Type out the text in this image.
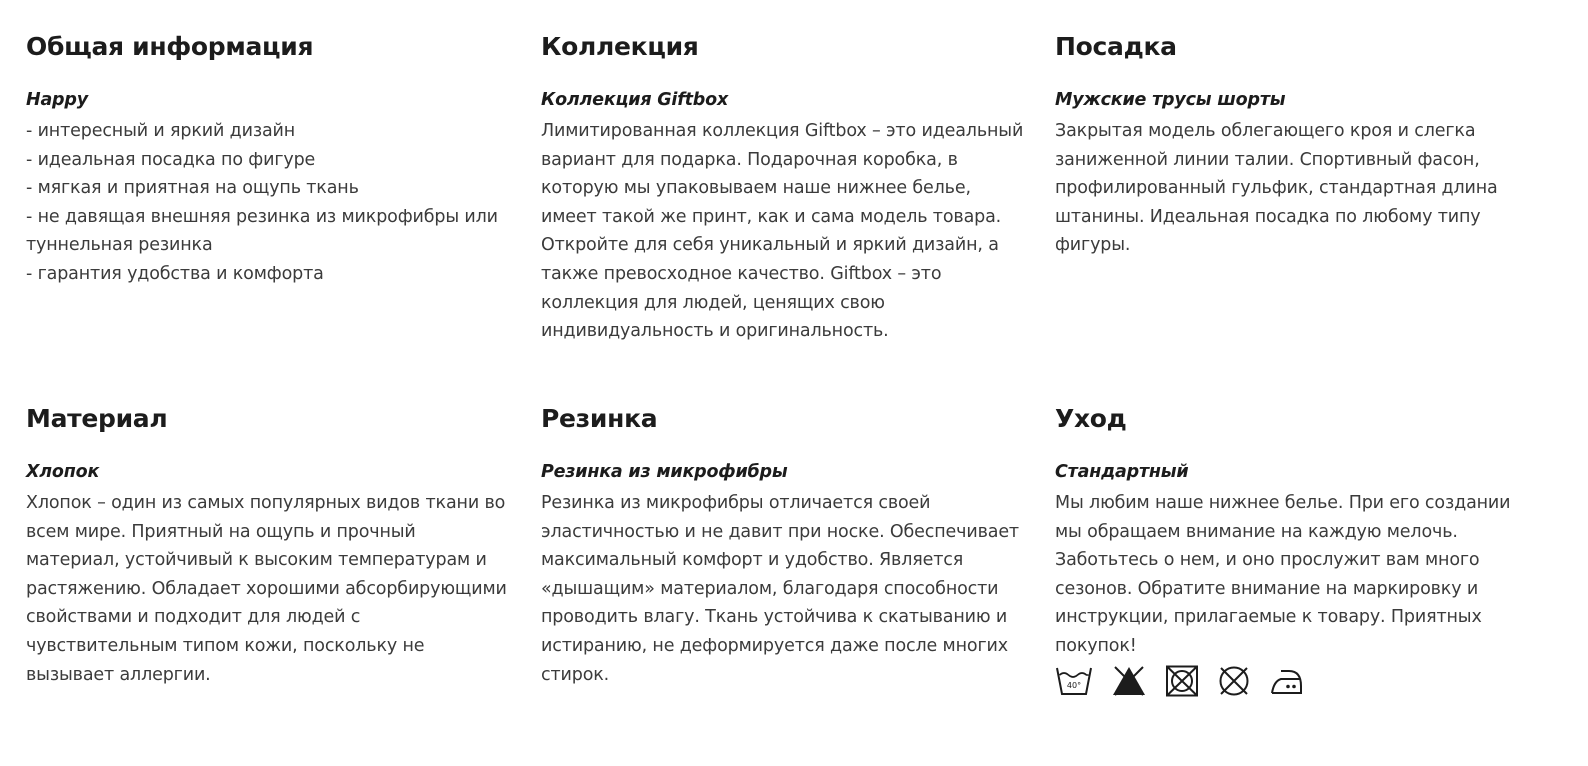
Общая информация
Happy

- интересный и яркий дизайн

- идеальная посадка по фигуре

- мягкая и приятная на ощупь ткань

- не давящая внешняя резинка из микрофибры или туннельная резинка

- гарантия удобства и комфорта

Коллекция
Коллекция Giftbox
Лимитированная коллекция Giftbox – это идеальный вариант для подарка. Подарочная коробка, в которую мы упаковываем наше нижнее белье, имеет такой же принт, как и сама модель товара. Откройте для себя уникальный и яркий дизайн, а также превосходное качество. Giftbox – это коллекция для людей, ценящих свою индивидуальность и оригинальность.
Посадка
Мужские трусы шорты
Закрытая модель облегающего кроя и слегка заниженной линии талии. Спортивный фасон, профилированный гульфик, стандартная длина штанины. Идеальная посадка по любому типу фигуры.
Материал
Хлопок
Хлопок – один из самых популярных видов ткани во всем мире. Приятный на ощупь и прочный материал, устойчивый к высоким температурам и растяжению. Обладает хорошими абсорбирующими свойствами и подходит для людей с чувствительным типом кожи, поскольку не вызывает аллергии.
Резинка
Резинка из микрофибры
Резинка из микрофибры отличается своей эластичностью и не давит при носке. Обеспечивает максимальный комфорт и удобство. Является «дышащим» материалом, благодаря способности проводить влагу. Ткань устойчива к скатыванию и истиранию, не деформируется даже после многих стирок.
Уход
Стандартный
Мы любим наше нижнее белье. При его создании мы обращаем внимание на каждую мелочь. Заботьтесь о нем, и оно прослужит вам много сезонов. Обратите внимание на маркировку и инструкции, прилагаемые к товару. Приятных покупок!
40°
